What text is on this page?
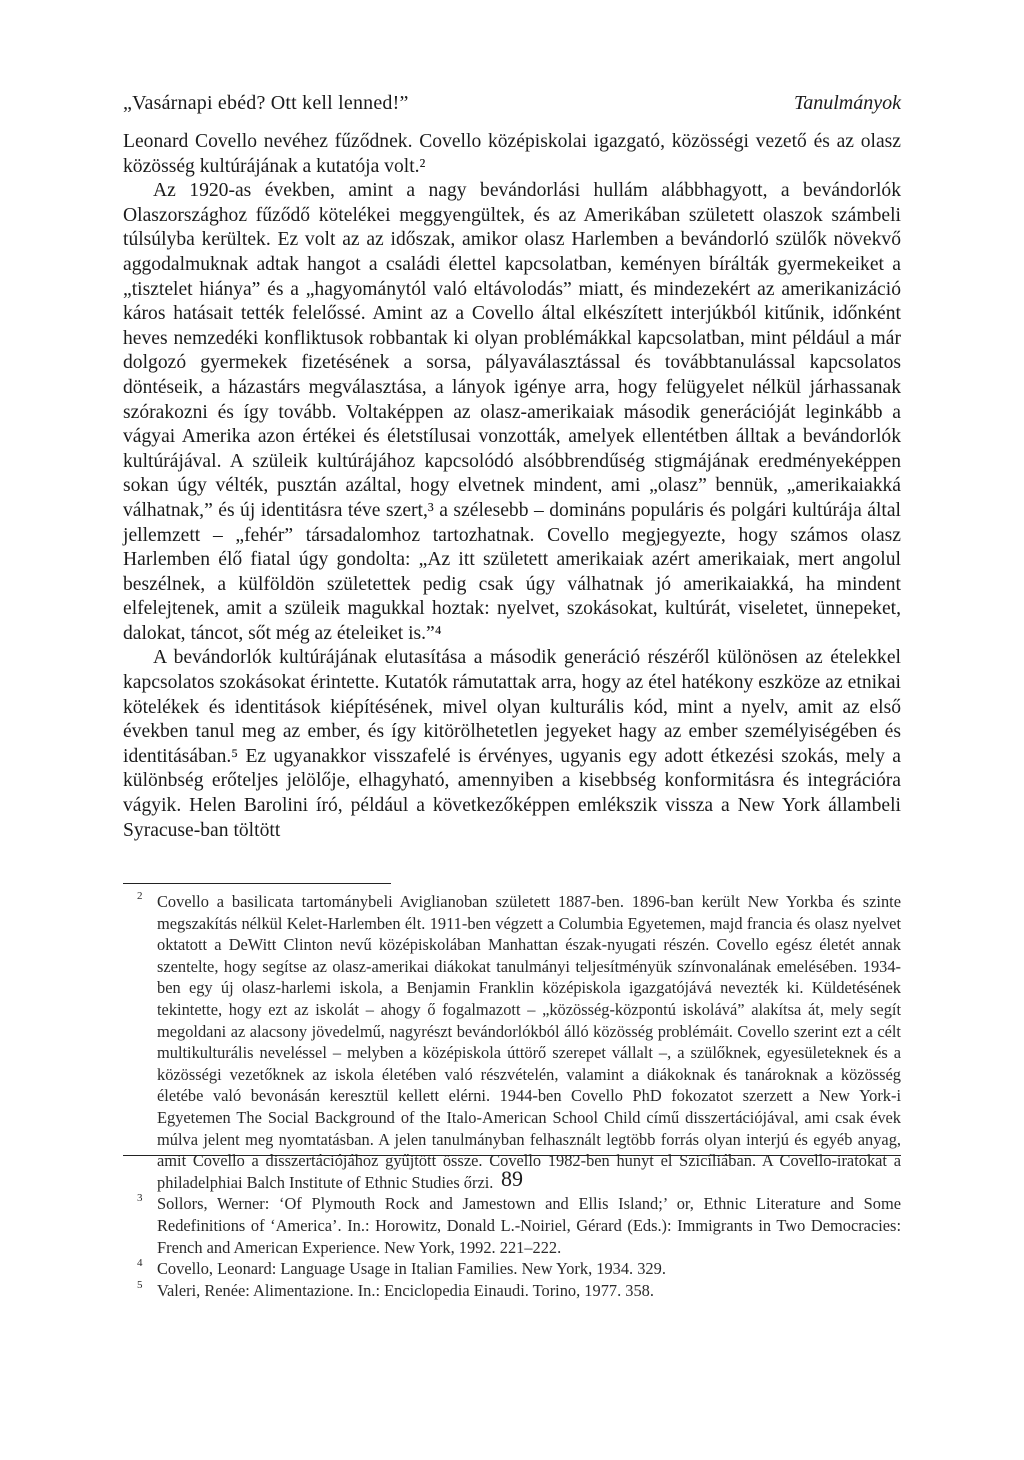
„Vasárnapi ebéd? Ott kell lenned!”	Tanulmányok

Leonard Covello nevéhez fűződnek. Covello középiskolai igazgató, közösségi vezető és az olasz közösség kultúrájának a kutatója volt.²

Az 1920-as években, amint a nagy bevándorlási hullám alábbhagyott, a bevándorlók Olaszországhoz fűződő kötelékei meggyengültek, és az Amerikában született olaszok számbeli túlsúlyba kerültek. Ez volt az az időszak, amikor olasz Harlemben a bevándorló szülők növekvő aggodalmuknak adtak hangot a családi élettel kapcsolatban, keményen bírálták gyermekeiket a „tisztelet hiánya” és a „hagyománytól való eltávolodás” miatt, és mindezekért az amerikanizáció káros hatásait tették felelőssé. Amint az a Covello által elkészített interjúkból kitűnik, időnként heves nemzedéki konfliktusok robbantak ki olyan problémákkal kapcsolatban, mint például a már dolgozó gyermekek fizetésének a sorsa, pályaválasztással és továbbtanulással kapcsolatos döntéseik, a házastárs megválasztása, a lányok igénye arra, hogy felügyelet nélkül járhassanak szórakozni és így tovább. Voltaképpen az olasz-amerikaiak második generációját leginkább a vágyai Amerika azon értékei és életstílusai vonzották, amelyek ellentétben álltak a bevándorlók kultúrájával. A szüleik kultúrájához kapcsolódó alsóbbrendűség stigmájának eredményeképpen sokan úgy vélték, pusztán azáltal, hogy elvetnek mindent, ami „olasz” bennük, „amerikaiakká válhatnak,” és új identitásra téve szert,³ a szélesebb – domináns populáris és polgári kultúrája által jellemzett – „fehér” társadalomhoz tartozhatnak. Covello megjegyezte, hogy számos olasz Harlemben élő fiatal úgy gondolta: „Az itt született amerikaiak azért amerikaiak, mert angolul beszélnek, a külföldön születettek pedig csak úgy válhatnak jó amerikaiakká, ha mindent elfelejtenek, amit a szüleik magukkal hoztak: nyelvet, szokásokat, kultúrát, viseletet, ünnepeket, dalokat, táncot, sőt még az ételeiket is.”⁴

A bevándorlók kultúrájának elutasítása a második generáció részéről különösen az ételekkel kapcsolatos szokásokat érintette. Kutatók rámutattak arra, hogy az étel hatékony eszköze az etnikai kötelékek és identitások kiépítésének, mivel olyan kulturális kód, mint a nyelv, amit az első években tanul meg az ember, és így kitörölhetetlen jegyeket hagy az ember személyiségében és identitásában.⁵ Ez ugyanakkor visszafelé is érvényes, ugyanis egy adott étkezési szokás, mely a különbség erőteljes jelölője, elhagyható, amennyiben a kisebbség konformitásra és integrációra vágyik. Helen Barolini író, például a következőképpen emlékszik vissza a New York állambeli Syracuse-ban töltött

2 Covello a basilicata tartománybeli Aviglianoban született 1887-ben. 1896-ban került New Yorkba és szinte megszakítás nélkül Kelet-Harlemben élt. 1911-ben végzett a Columbia Egyetemen, majd francia és olasz nyelvet oktatott a DeWitt Clinton nevű középiskolában Manhattan észak-nyugati részén. Covello egész életét annak szentelte, hogy segítse az olasz-amerikai diákokat tanulmányi teljesítményük színvonalának emelésében. 1934-ben egy új olasz-harlemi iskola, a Benjamin Franklin középiskola igazgatójává nevezték ki. Küldetésének tekintette, hogy ezt az iskolát – ahogy ő fogalmazott – „közösség-központú iskolává” alakítsa át, mely segít megoldani az alacsony jövedelmű, nagyrészt bevándorlókból álló közösség problémáit. Covello szerint ezt a célt multikulturális neveléssel – melyben a középiskola úttörő szerepet vállalt –, a szülőknek, egyesületeknek és a közösségi vezetőknek az iskola életében való részvételén, valamint a diákoknak és tanároknak a közösség életébe való bevonásán keresztül kellett elérni. 1944-ben Covello PhD fokozatot szerzett a New York-i Egyetemen The Social Background of the Italo-American School Child című disszertációjával, ami csak évek múlva jelent meg nyomtatásban. A jelen tanulmányban felhasznált legtöbb forrás olyan interjú és egyéb anyag, amit Covello a disszertációjához gyűjtött össze. Covello 1982-ben hunyt el Szicíliában. A Covello-iratokat a philadelphiai Balch Institute of Ethnic Studies őrzi.

3 Sollors, Werner: ‘Of Plymouth Rock and Jamestown and Ellis Island;’ or, Ethnic Literature and Some Redefinitions of ‘America’. In.: Horowitz, Donald L.-Noiriel, Gérard (Eds.): Immigrants in Two Democracies: French and American Experience. New York, 1992. 221–222.

4 Covello, Leonard: Language Usage in Italian Families. New York, 1934. 329.

5 Valeri, Renée: Alimentazione. In.: Enciclopedia Einaudi. Torino, 1977. 358.

89
